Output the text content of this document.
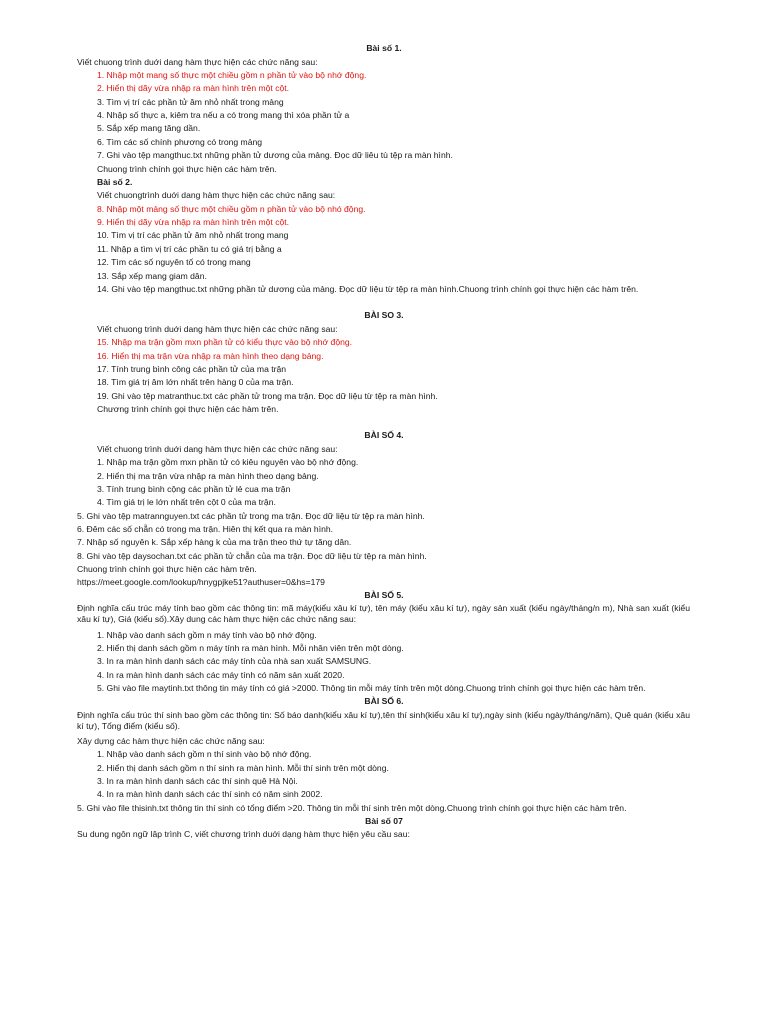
Bài số 1.
Viết chuong trình duới dang hàm thực hiện các chức năng sau:
1. Nhập một mang số thực một chiều gồm n phần tử vào bộ nhớ động.
2. Hiển thị dãy vừa nhập ra màn hình trên một cột.
3. Tìm vị trí các phần tử âm nhỏ nhất trong mảng
4. Nhập số thực a, kiêm tra nếu a có trong mang thì xóa phần tử a
5. Sắp xếp mang tăng dần.
6. Tìm các số chính phương có trong mảng
7. Ghi vào tệp mangthuc.txt những phần tử dương của mảng. Đọc dữ liêu tù tệp ra màn hình.
Chuong trình chính gọi thực hiện các hàm trên.
Bài số 2.
Viết chuongtrình duới dang hàm thực hiện các chức năng sau:
8. Nhập một mảng số thực một chiều gồm n phần tử vào bộ nhó động.
9. Hiển thị dãy vừa nhập ra màn hình trên một cột.
10. Tìm vị trí các phần tử âm nhỏ nhất trong mang
11. Nhập a tìm vị trí các phần tu có giá trị bằng a
12. Tìm các số nguyên tố có trong mang
13. Sắp xếp mang giam dân.
14. Ghi vào tệp mangthuc.txt những phần tử dương của mảng. Đọc dữ liệu từ tệp ra màn hình.Chuong trình chính gọi thực hiện các hàm trên.
BÀI SO 3.
Viết chuong trình duới dang hàm thực hiện các chức năng sau:
15. Nhập ma trận gồm mxn phần tử có kiểu thực vào bộ nhớ động.
16. Hiển thị ma trận vừa nhập ra màn hình theo dạng bảng.
17. Tính trung bình công các phần tử của ma trận
18. Tìm giá trị âm lớn nhất trên hàng 0 của ma trận.
19. Ghi vào tệp matranthuc.txt các phần tử trong ma trận. Đọc dữ liệu từ tệp ra màn hình.
Chương trình chính gọi thực hiện các hàm trên.
BÀI SỐ 4.
Viết chuong trình duới dang hàm thực hiện các chức năng sau:
1. Nhập ma trận gồm mxn phần tử có kiêu nguyên vào bộ nhớ động.
2. Hiển thị ma trận vừa nhập ra màn hình theo dạng bảng.
3. Tính trung bình cộng các phần tử lẻ cua ma trận
4. Tìm giá trị le lớn nhất trên cột 0 của ma trận.
5. Ghi vào tệp matrannguyen.txt các phần tử trong ma trận. Đọc dữ liệu từ tệp ra màn hình.
6. Đêm các số chẵn có trong ma trận. Hiên thị kết qua ra màn hình.
7. Nhập số nguyên k. Sắp xếp hàng k của ma trận theo thứ tự tăng dân.
8. Ghi vào tệp daysochan.txt các phần tử chẵn của ma trận. Đọc dữ liệu từ tệp ra màn hình.
Chuong trình chính gọi thực hiện các hàm trên.
https://meet.google.com/lookup/hnygpjke51?authuser=0&hs=179
BÀI SỐ 5.
Định nghĩa cấu trúc máy tính bao gồm các thông tin: mã máy(kiểu xâu kí tự), tên máy (kiểu xâu kí tự), ngày sản xuất (kiểu ngày/tháng/n m), Nhà san xuất (kiểu xâu kí tự), Giá (kiểu số).Xây dung các hàm thực hiện các chức năng sau:
1. Nhập vào danh sách gồm n máy tính vào bộ nhớ động.
2. Hiển thị danh sách gồm n máy tính ra màn hình. Mỗi nhân viên trên một dòng.
3. In ra màn hình danh sách các máy tính của nhà san xuất SAMSUNG.
4. In ra màn hình danh sách các máy tính có năm sản xuất 2020.
5. Ghi vào file maytinh.txt thông tin máy tính có giá >2000. Thông tin mỗi máy tính trên một dòng.Chuong trình chính gọi thực hiện các hàm trên.
BÀI SỐ 6.
Định nghĩa cấu trúc thí sinh bao gồm các thông tin: Số báo danh(kiểu xâu kí tự),tên thí sinh(kiểu xâu kí tự),ngày sinh (kiểu ngày/tháng/năm), Quê quán (kiểu xâu kí tự), Tổng điểm (kiểu số).
Xây dựng các hàm thực hiện các chức năng sau:
1. Nhập vào danh sách gồm n thí sinh vào bộ nhớ động.
2. Hiển thị danh sách gồm n thí sinh ra màn hình. Mỗi thí sinh trên một dòng.
3. In ra màn hình danh sách các thí sinh quê Hà Nội.
4. In ra màn hình danh sách các thí sinh có năm sinh 2002.
5. Ghi vào file thisinh.txt thông tin thí sinh có tổng điểm >20. Thông tin mỗi thí sinh trên một dòng.Chuong trình chính gọi thực hiện các hàm trên.
Bài số 07
Su dung ngôn ngữ lâp trình C, viết chương trình duới dạng hàm thực hiện yêu cầu sau:
